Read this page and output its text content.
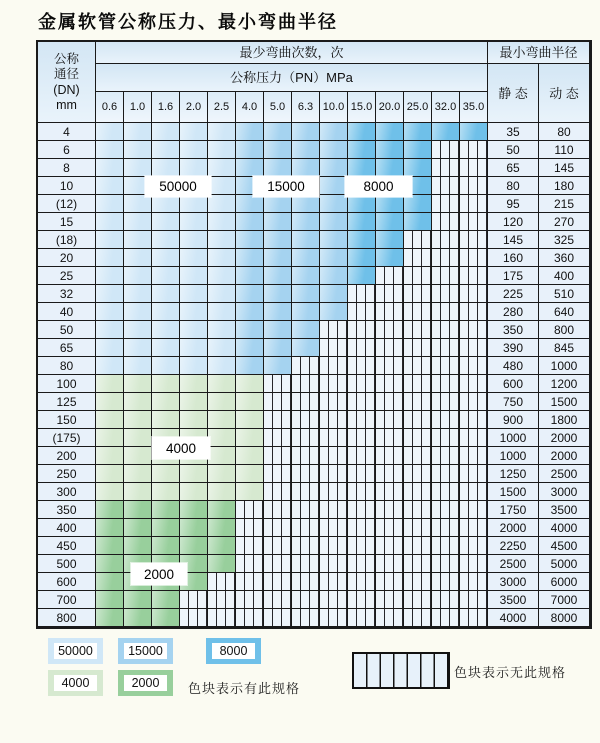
金属软管公称压力、最小弯曲半径
公称
通径
(DN)
mm
最少弯曲次数，次	最小弯曲半径
公称压力（PN）MPa
静 态	动 态
0.6	1.0	1.6	2.0	2.5	4.0	5.0	6.3 10.0 15.0 20.0 25.0 32.0 35.0
4	35	80
6	50	110
8	65	145
10	80	180
(12)	95	215
15	120	270
(18)	145	325
20	160	360
25	175	400
32	225	510
40	280	640
50	350	800
65	390	845
80	480	1000
100	600	1200
125	750	1500
150	900	1800
(175)	1000	2000
200	1000	2000
250	1250	2500
300	1500	3000
350	1750	3500
400	2000	4000
450	2250	4500
500	2500	5000
600	3000	6000
700	3500	7000
800	4000	8000
色块表示有此规格
色块表示无此规格
50000	15000	8000
4000
2000
50000	15000	8000
4000	2000
